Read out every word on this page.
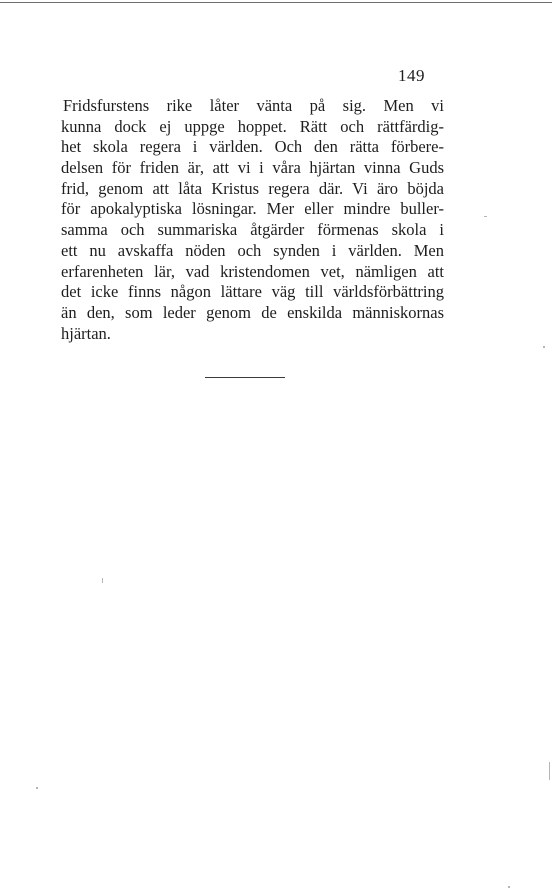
149
Fridsfurstens rike låter vänta på sig. Men vi
kunna dock ej uppge hoppet. Rätt och rättfärdig-
het skola regera i världen. Och den rätta förbere-
delsen för friden är, att vi i våra hjärtan vinna Guds
frid, genom att låta Kristus regera där. Vi äro böjda
för apokalyptiska lösningar. Mer eller mindre buller-
samma och summariska åtgärder förmenas skola i
ett nu avskaffa nöden och synden i världen. Men
erfarenheten lär, vad kristendomen vet, nämligen att
det icke finns någon lättare väg till världsförbättring
än den, som leder genom de enskilda människornas
hjärtan.
